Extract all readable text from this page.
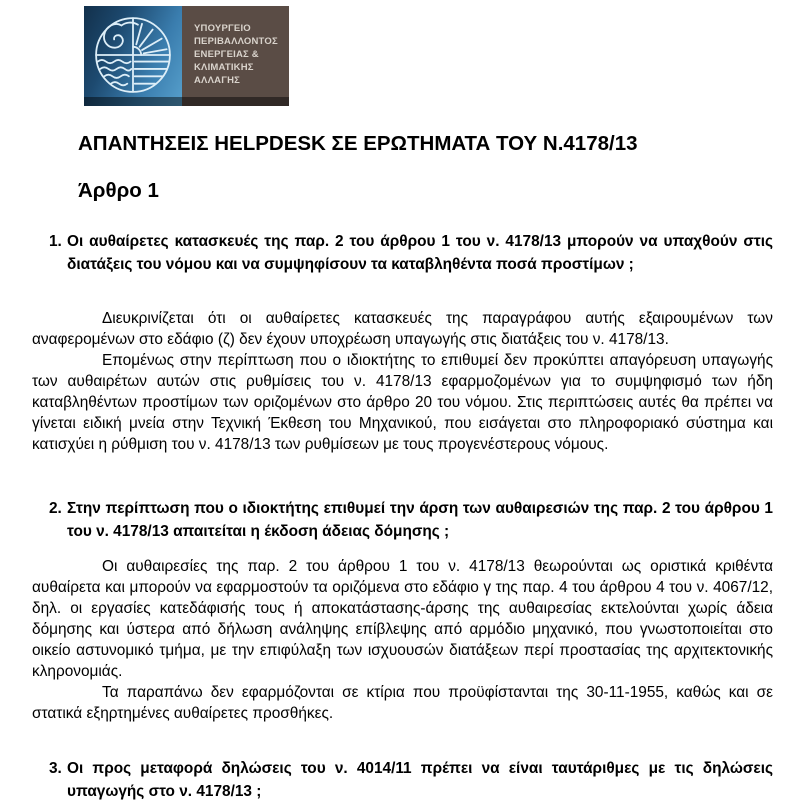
ΥΠΟΥΡΓΕΙΟ
ΠΕΡΙΒΑΛΛΟΝΤΟΣ
ΕΝΕΡΓΕΙΑΣ &
ΚΛΙΜΑΤΙΚΗΣ
ΑΛΛΑΓΗΣ
ΑΠΑΝΤΗΣΕΙΣ HELPDESK ΣΕ ΕΡΩΤΗΜΑΤΑ ΤΟΥ Ν.4178/13
Άρθρο 1
1. Οι αυθαίρετες κατασκευές της παρ. 2 του άρθρου 1 του ν. 4178/13 μπορούν να υπαχθούν στις διατάξεις του νόμου και να συμψηφίσουν τα καταβληθέντα ποσά προστίμων ;

Διευκρινίζεται ότι οι αυθαίρετες κατασκευές της παραγράφου αυτής εξαιρουμένων των αναφερομένων στο εδάφιο (ζ) δεν έχουν υποχρέωση υπαγωγής στις διατάξεις του ν. 4178/13.

Επομένως στην περίπτωση που ο ιδιοκτήτης το επιθυμεί δεν προκύπτει απαγόρευση υπαγωγής των αυθαιρέτων αυτών στις ρυθμίσεις του ν. 4178/13 εφαρμοζομένων για το συμψηφισμό των ήδη καταβληθέντων προστίμων των οριζομένων στο άρθρο 20 του νόμου. Στις περιπτώσεις αυτές θα πρέπει να γίνεται ειδική μνεία στην Τεχνική Έκθεση του Μηχανικού, που εισάγεται στο πληροφοριακό σύστημα και κατισχύει η ρύθμιση του ν. 4178/13 των ρυθμίσεων με τους προγενέστερους νόμους.

2. Στην περίπτωση που ο ιδιοκτήτης επιθυμεί την άρση των αυθαιρεσιών της παρ. 2 του άρθρου 1 του ν. 4178/13 απαιτείται η έκδοση άδειας δόμησης ;

Οι αυθαιρεσίες της παρ. 2 του άρθρου 1 του ν. 4178/13 θεωρούνται ως οριστικά κριθέντα αυθαίρετα και μπορούν να εφαρμοστούν τα οριζόμενα στο εδάφιο γ της παρ. 4 του άρθρου 4 του ν. 4067/12, δηλ. οι εργασίες κατεδάφισής τους ή αποκατάστασης-άρσης της αυθαιρεσίας εκτελούνται χωρίς άδεια δόμησης και ύστερα από δήλωση ανάληψης επίβλεψης από αρμόδιο μηχανικό, που γνωστοποιείται στο οικείο αστυνομικό τμήμα, με την επιφύλαξη των ισχυουσών διατάξεων περί προστασίας της αρχιτεκτονικής κληρονομιάς.

Τα παραπάνω δεν εφαρμόζονται σε κτίρια που προϋφίστανται της 30-11-1955, καθώς και σε στατικά εξηρτημένες αυθαίρετες προσθήκες.

3. Οι προς μεταφορά δηλώσεις του ν. 4014/11 πρέπει να είναι ταυτάριθμες με τις δηλώσεις υπαγωγής στο ν. 4178/13 ;
